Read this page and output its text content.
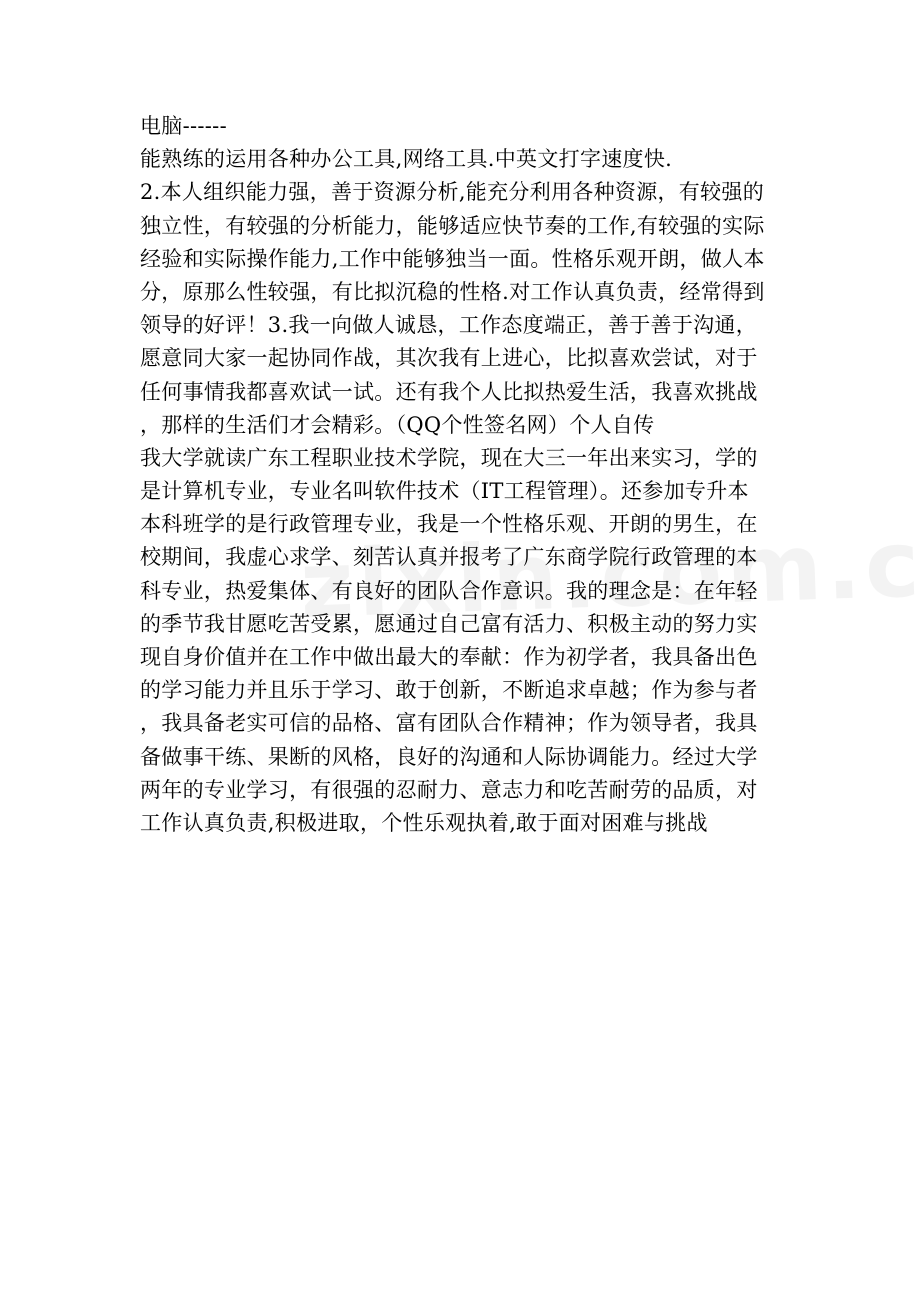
电脑------
能熟练的运用各种办公工具,网络工具.中英文打字速度快.
2.本人组织能力强，善于资源分析,能充分利用各种资源，有较强的
独立性，有较强的分析能力，能够适应快节奏的工作,有较强的实际
经验和实际操作能力,工作中能够独当一面。性格乐观开朗，做人本
分，原那么性较强，有比拟沉稳的性格.对工作认真负责，经常得到
领导的好评！3.我一向做人诚恳，工作态度端正，善于善于沟通，
愿意同大家一起协同作战，其次我有上进心，比拟喜欢尝试，对于
任何事情我都喜欢试一试。还有我个人比拟热爱生活，我喜欢挑战
，那样的生活们才会精彩。（QQ个性签名网）个人自传
我大学就读广东工程职业技术学院，现在大三一年出来实习，学的
是计算机专业，专业名叫软件技术（IT工程管理）。还参加专升本
本科班学的是行政管理专业，我是一个性格乐观、开朗的男生，在
校期间，我虚心求学、刻苦认真并报考了广东商学院行政管理的本
科专业，热爱集体、有良好的团队合作意识。我的理念是：在年轻
的季节我甘愿吃苦受累，愿通过自己富有活力、积极主动的努力实
现自身价值并在工作中做出最大的奉献：作为初学者，我具备出色
的学习能力并且乐于学习、敢于创新，不断追求卓越；作为参与者
，我具备老实可信的品格、富有团队合作精神；作为领导者，我具
备做事干练、果断的风格，良好的沟通和人际协调能力。经过大学
两年的专业学习，有很强的忍耐力、意志力和吃苦耐劳的品质，对
工作认真负责,积极进取，个性乐观执着,敢于面对困难与挑战
